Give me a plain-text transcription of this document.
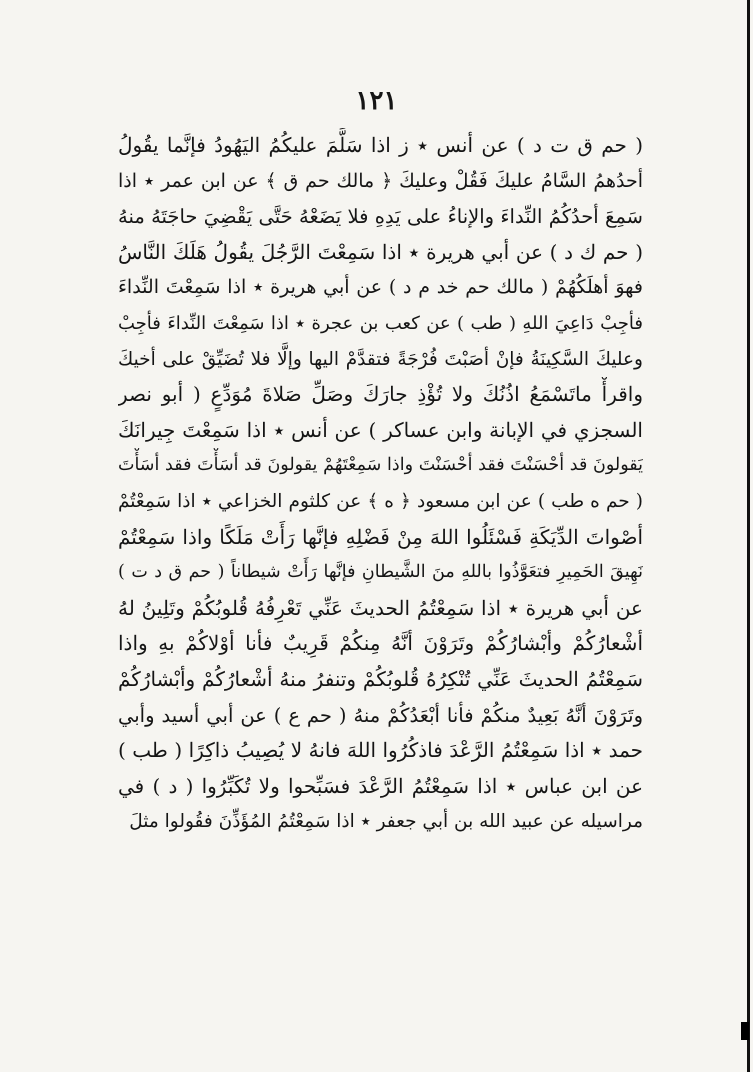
١٢١
( حم ق ت د ) عن أنس ٭ ز اذا سَلَّمَ عليكُمُ اليَهُودُ فإنَّما يقُولُ
أحدُهمُ السَّامُ عليكَ فَقُلْ وعليكَ ﴿ مالك حم ق ﴾ عن ابن عمر ٭ اذا
سَمِعَ أحدُكُمُ النِّداءَ والإناءُ على يَدِهِ فلا يَضَعْهُ حَتَّى يَقْضِيَ حاجَتَهُ منهُ
( حم ك د ) عن أبي هريرة ٭ اذا سَمِعْتَ الرَّجُلَ يقُولُ هَلَكَ النَّاسُ
فهوَ أهلَكُهُمْ ( مالك حم خد م د ) عن أبي هريرة ٭ اذا سَمِعْتَ النِّداءَ
فأجِبْ دَاعِيَ اللهِ ( طب ) عن كعب بن عجرة ٭ اذا سَمِعْتَ النِّداءَ فأجِبْ
وعليكَ السَّكِينَةُ فإنْ أصَبْتَ فُرْجَةً فتقدَّمْ اليها وإلَّا فلا تُضَيِّقْ على أخيكَ
واقرأْ ماتَسْمَعُ اذُنُكَ ولا تُؤْذِ جارَكَ وصَلِّ صَلاةَ مُوَدِّعٍ ( أبو نصر
السجزي في الإبانة وابن عساكر ) عن أنس ٭ اذا سَمِعْتَ جِيرانَكَ
يَقولونَ قد أحْسَنْتَ فقد أحْسَنْتَ واذا سَمِعْتَهُمْ يقولونَ قد أسَأْتَ فقد أسَأْتَ
( حم ه طب ) عن ابن مسعود ﴿ ه ﴾ عن كلثوم الخزاعي ٭ اذا سَمِعْتُمْ
أصْواتَ الدِّيَكَةِ فَسْئَلُوا اللهَ مِنْ فَضْلِهِ فإنَّها رَأَتْ مَلَكًا واذا سَمِعْتُمْ
نَهِيقَ الحَمِيرِ فتعَوَّذُوا باللهِ منَ الشَّيطانِ فإنَّها رَأَتْ شيطاناً ( حم ق د ت )
عن أبي هريرة ٭ اذا سَمِعْتُمُ الحديثَ عَنِّي تَعْرِفُهُ قُلوبُكُمْ وتَلِينُ لهُ
أشْعارُكُمْ وأبْشارُكُمْ وتَرَوْنَ أنَّهُ مِنكُمْ قَرِيبٌ فأنا أوْلاكُمْ بهِ واذا
سَمِعْتُمُ الحديثَ عَنِّي تُنْكِرُهُ قُلوبُكُمْ وتنفرُ منهُ أشْعارُكُمْ وأبْشارُكُمْ
وتَرَوْنَ أنَّهُ بَعِيدٌ منكُمْ فأنا أبْعَدُكُمْ منهُ ( حم ع ) عن أبي أسيد وأبي
حمد ٭ اذا سَمِعْتُمُ الرَّعْدَ فاذكُرُوا اللهَ فانهُ لا يُصِيبُ ذاكِرًا ( طب )
عن ابن عباس ٭ اذا سَمِعْتُمُ الرَّعْدَ فسَبِّحوا ولا تُكَبِّرُوا ( د ) في
مراسيله عن عبيد الله بن أبي جعفر ٭ اذا سَمِعْتُمُ المُؤَذِّنَ فقُولوا مثلَ
